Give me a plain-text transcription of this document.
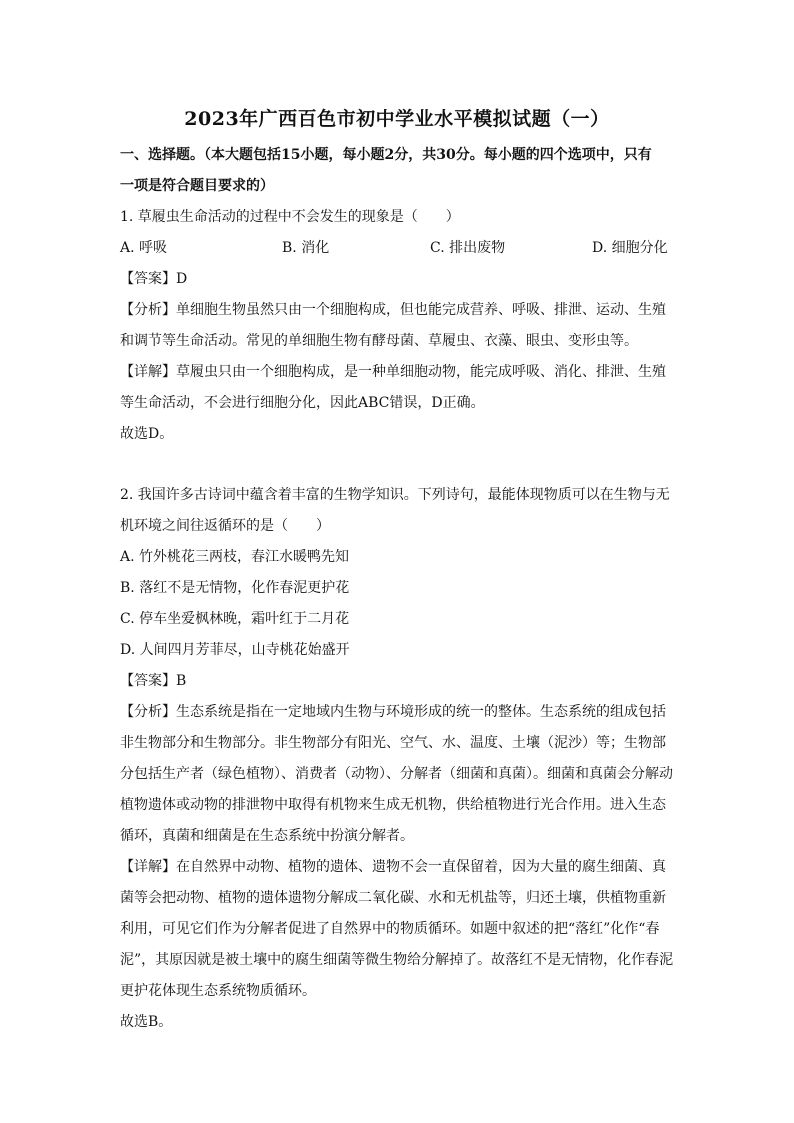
2023年广西百色市初中学业水平模拟试题（一）
一、选择题。（本大题包括15小题，每小题2分，共30分。每小题的四个选项中，只有
一项是符合题目要求的）
1. 草履虫生命活动的过程中不会发生的现象是（　　）
A. 呼吸	B. 消化	C. 排出废物	D. 细胞分化
【答案】D
【分析】单细胞生物虽然只由一个细胞构成，但也能完成营养、呼吸、排泄、运动、生殖
和调节等生命活动。常见的单细胞生物有酵母菌、草履虫、衣藻、眼虫、变形虫等。
【详解】草履虫只由一个细胞构成，是一种单细胞动物，能完成呼吸、消化、排泄、生殖
等生命活动，不会进行细胞分化，因此ABC错误，D正确。
故选D。
2. 我国许多古诗词中蕴含着丰富的生物学知识。下列诗句，最能体现物质可以在生物与无
机环境之间往返循环的是（　　）
A. 竹外桃花三两枝，春江水暖鸭先知
B. 落红不是无情物，化作春泥更护花
C. 停车坐爱枫林晚，霜叶红于二月花
D. 人间四月芳菲尽，山寺桃花始盛开
【答案】B
【分析】生态系统是指在一定地域内生物与环境形成的统一的整体。生态系统的组成包括
非生物部分和生物部分。非生物部分有阳光、空气、水、温度、土壤（泥沙）等；生物部
分包括生产者（绿色植物）、消费者（动物）、分解者（细菌和真菌）。细菌和真菌会分解动
植物遗体或动物的排泄物中取得有机物来生成无机物，供给植物进行光合作用。进入生态
循环，真菌和细菌是在生态系统中扮演分解者。
【详解】在自然界中动物、植物的遗体、遗物不会一直保留着，因为大量的腐生细菌、真
菌等会把动物、植物的遗体遗物分解成二氧化碳、水和无机盐等，归还土壤，供植物重新
利用，可见它们作为分解者促进了自然界中的物质循环。如题中叙述的把“落红”化作“春
泥”，其原因就是被土壤中的腐生细菌等微生物给分解掉了。故落红不是无情物，化作春泥
更护花体现生态系统物质循环。
故选B。
